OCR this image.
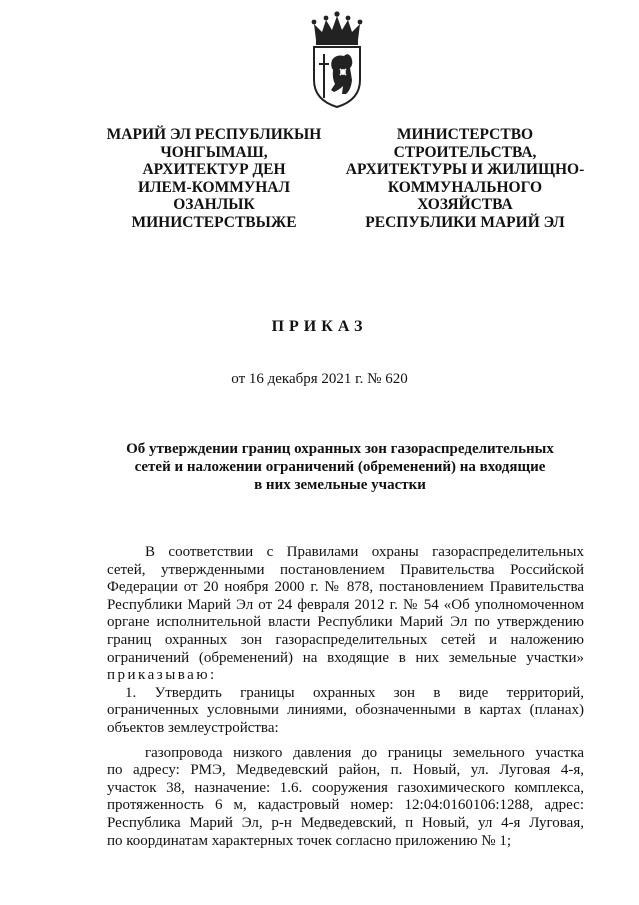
МАРИЙ ЭЛ РЕСПУБЛИКЫН
ЧОНГЫМАШ,
АРХИТЕКТУР ДЕН
ИЛЕМ-КОММУНАЛ
ОЗАНЛЫК
МИНИСТЕРСТВЫЖЕ
МИНИСТЕРСТВО
СТРОИТЕЛЬСТВА,
АРХИТЕКТУРЫ И ЖИЛИЩНО-
КОММУНАЛЬНОГО
ХОЗЯЙСТВА
РЕСПУБЛИКИ МАРИЙ ЭЛ
ПРИКАЗ
от 16 декабря 2021 г. № 620
Об утверждении границ охранных зон газораспределительных
сетей и наложении ограничений (обременений) на входящие
в них земельные участки
В соответствии с Правилами охраны газораспределительных
сетей, утвержденными постановлением Правительства Российской
Федерации от 20 ноября 2000 г. № 878, постановлением Правительства
Республики Марий Эл от 24 февраля 2012 г. № 54 «Об уполномоченном
органе исполнительной власти Республики Марий Эл по утверждению
границ охранных зон газораспределительных сетей и наложению
ограничений (обременений) на входящие в них земельные участки»
приказываю:
1. Утвердить границы охранных зон в виде территорий,
ограниченных условными линиями, обозначенными в картах (планах)
объектов землеустройства:
газопровода низкого давления до границы земельного участка
по адресу: РМЭ, Медведевский район, п. Новый, ул. Луговая 4-я,
участок 38, назначение: 1.6. сооружения газохимического комплекса,
протяженность 6 м, кадастровый номер: 12:04:0160106:1288, адрес:
Республика Марий Эл, р-н Медведевский, п Новый, ул 4-я Луговая,
по координатам характерных точек согласно приложению № 1;
